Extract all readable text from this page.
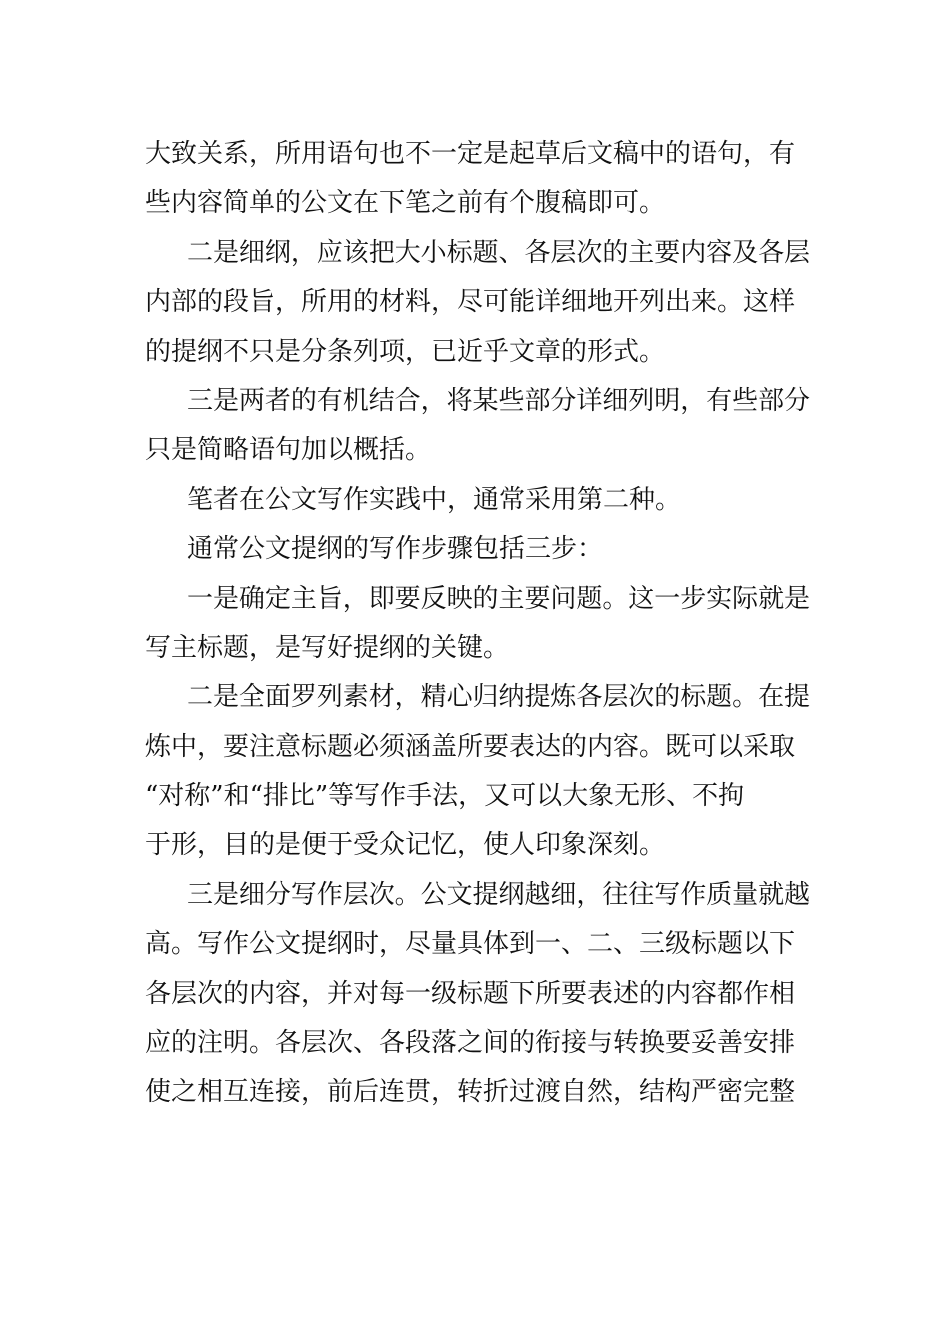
大致关系，所用语句也不一定是起草后文稿中的语句，有
些内容简单的公文在下笔之前有个腹稿即可。
二是细纲，应该把大小标题、各层次的主要内容及各层
内部的段旨，所用的材料，尽可能详细地开列出来。这样
的提纲不只是分条列项，已近乎文章的形式。
三是两者的有机结合，将某些部分详细列明，有些部分
只是简略语句加以概括。
笔者在公文写作实践中，通常采用第二种。
通常公文提纲的写作步骤包括三步：
一是确定主旨，即要反映的主要问题。这一步实际就是
写主标题，是写好提纲的关键。
二是全面罗列素材，精心归纳提炼各层次的标题。在提
炼中，要注意标题必须涵盖所要表达的内容。既可以采取
“对称”和“排比”等写作手法，又可以大象无形、不拘
于形，目的是便于受众记忆，使人印象深刻。
三是细分写作层次。公文提纲越细，往往写作质量就越
高。写作公文提纲时，尽量具体到一、二、三级标题以下
各层次的内容，并对每一级标题下所要表述的内容都作相
应的注明。各层次、各段落之间的衔接与转换要妥善安排
使之相互连接，前后连贯，转折过渡自然，结构严密完整
